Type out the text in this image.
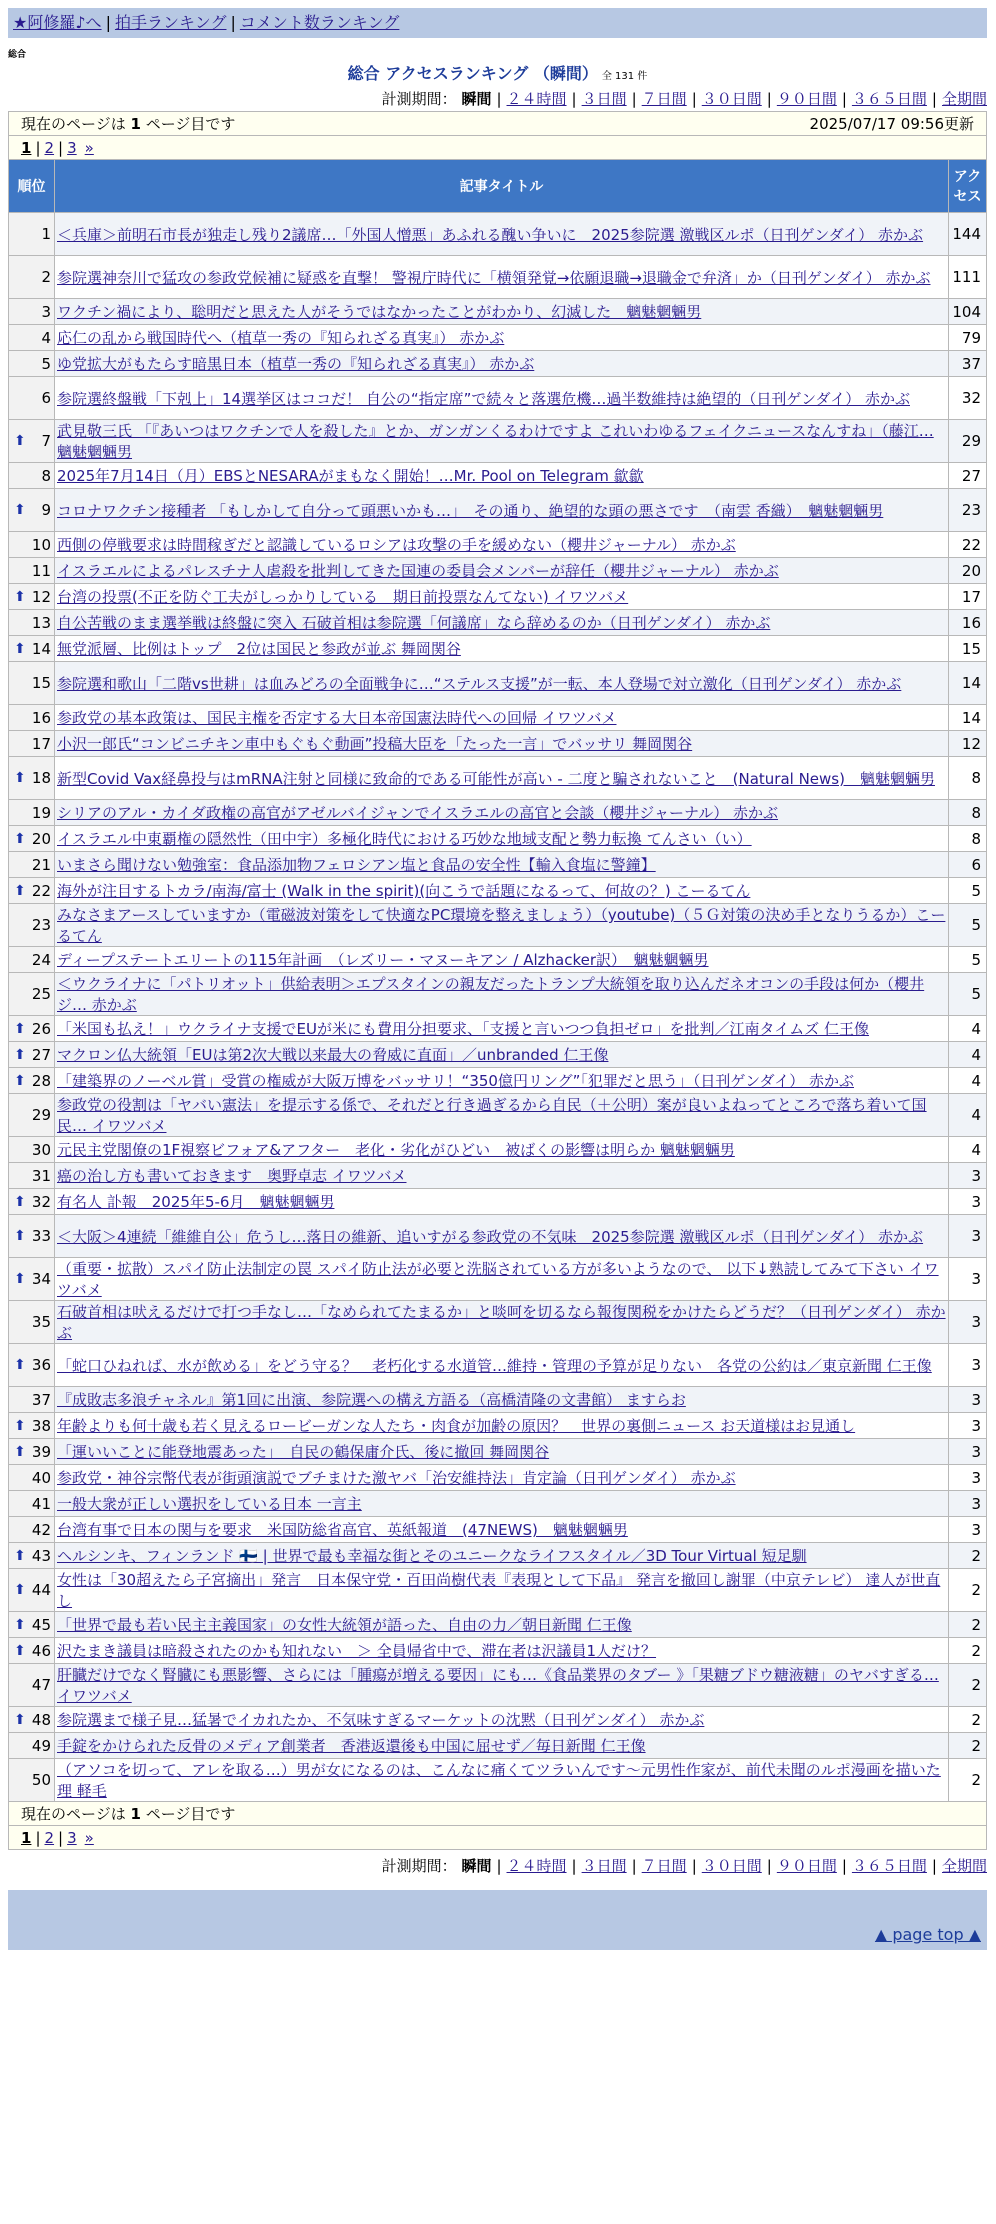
★阿修羅♪へ | 拍手ランキング | コメント数ランキング
総合
総合 アクセスランキング （瞬間） 全 131 件
計測期間： 瞬間 | ２４時間 | ３日間 | ７日間 | ３０日間 | ９０日間 | ３６５日間 | 全期間
現在のページは 1 ページ目です 2025/07/17 09:56更新		

1 | 2 | 3 »		
順位	記事タイトル	アクセス
1	＜兵庫＞前明石市長が独走し残り2議席…「外国人憎悪」あふれる醜い争いに　2025参院選 激戦区ルポ（日刊ゲンダイ） 赤かぶ	144
2	参院選神奈川で猛攻の参政党候補に疑惑を直撃！ 警視庁時代に「横領発覚→依願退職→退職金で弁済」か（日刊ゲンダイ） 赤かぶ	111
3	ワクチン禍により、聡明だと思えた人がそうではなかったことがわかり、幻滅した　魑魅魍魎男	104
4	応仁の乱から戦国時代へ（植草一秀の『知られざる真実』） 赤かぶ	79
5	ゆ党拡大がもたらす暗黒日本（植草一秀の『知られざる真実』） 赤かぶ	37
6	参院選終盤戦「下剋上」14選挙区はココだ！ 自公の“指定席”で続々と落選危機…過半数維持は絶望的（日刊ゲンダイ） 赤かぶ	32

⬆ 7	武見敬三氏 「『あいつはワクチンで人を殺した』とか、ガンガンくるわけですよ これいわゆるフェイクニュースなんすね」（藤江… 魑魅魍魎男	29
8	2025年7月14日（月）EBSとNESARAがまもなく開始！…Mr. Pool on Telegram 歙歙	27

⬆ 9	コロナワクチン接種者 「もしかして自分って頭悪いかも…」　その通り、絶望的な頭の悪さです　（南雲 香織）　魑魅魍魎男	23
10	西側の停戦要求は時間稼ぎだと認識しているロシアは攻撃の手を緩めない（櫻井ジャーナル） 赤かぶ	22
11	イスラエルによるパレスチナ人虐殺を批判してきた国連の委員会メンバーが辞任（櫻井ジャーナル） 赤かぶ	20

⬆ 12	台湾の投票(不正を防ぐ工夫がしっかりしている　期日前投票なんてない) イワツバメ	17
13	自公苦戦のまま選挙戦は終盤に突入 石破首相は参院選「何議席」なら辞めるのか（日刊ゲンダイ） 赤かぶ	16

⬆ 14	無党派層、比例はトップ　2位は国民と参政が並ぶ 舞岡関谷	15
15	参院選和歌山「二階vs世耕」は血みどろの全面戦争に…“ステルス支援”が一転、本人登場で対立激化（日刊ゲンダイ） 赤かぶ	14
16	参政党の基本政策は、国民主権を否定する大日本帝国憲法時代への回帰 イワツバメ	14
17	小沢一郎氏“コンビニチキン車中もぐもぐ動画”投稿大臣を「たった一言」でバッサリ 舞岡関谷	12

⬆ 18	新型Covid Vax経鼻投与はmRNA注射と同様に致命的である可能性が高い - 二度と騙されないこと　(Natural News)　魑魅魍魎男	8
19	シリアのアル・カイダ政権の高官がアゼルバイジャンでイスラエルの高官と会談（櫻井ジャーナル） 赤かぶ	8

⬆ 20	イスラエル中東覇権の隠然性（田中宇）多極化時代における巧妙な地域支配と勢力転換 てんさい（い）	8
21	いまさら聞けない勉強室：食品添加物フェロシアン塩と食品の安全性【輸入食塩に警鐘】	6

⬆ 22	海外が注目するトカラ/南海/富士 (Walk in the spirit)(向こうで話題になるって、何故の？) こーるてん	5
23	みなさまアースしていますか（電磁波対策をして快適なPC環境を整えましょう）（youtube)（５Ｇ対策の決め手となりうるか）こーるてん	5
24	ディープステートエリートの115年計画　（レズリー・マヌーキアン / Alzhacker訳）　魑魅魍魎男	5
25	＜ウクライナに「パトリオット」供給表明＞エプスタインの親友だったトランプ大統領を取り込んだネオコンの手段は何か（櫻井ジ… 赤かぶ	5

⬆ 26	「米国も払え！」ウクライナ支援でEUが米にも費用分担要求、「支援と言いつつ負担ゼロ」を批判／江南タイムズ 仁王像	4

⬆ 27	マクロン仏大統領「EUは第2次大戦以来最大の脅威に直面」／unbranded 仁王像	4

⬆ 28	「建築界のノーベル賞」受賞の権威が大阪万博をバッサリ！“350億円リング”「犯罪だと思う」（日刊ゲンダイ） 赤かぶ	4
29	参政党の役割は「ヤバい憲法」を提示する係で、それだと行き過ぎるから自民（＋公明）案が良いよねってところで落ち着いて国民… イワツバメ	4
30	元民主党閣僚の1F視察ビフォア&アフター　老化・劣化がひどい　被ばくの影響は明らか 魑魅魍魎男	4
31	癌の治し方も書いておきます　奥野卓志 イワツバメ	3

⬆ 32	有名人 訃報　2025年5-6月　魑魅魍魎男	3

⬆ 33	＜大阪＞4連続「維維自公」危うし…落日の維新、追いすがる参政党の不気味　2025参院選 激戦区ルポ（日刊ゲンダイ） 赤かぶ	3

⬆ 34	（重要・拡散）スパイ防止法制定の罠 スパイ防止法が必要と洗脳されている方が多いようなので、 以下↓熟読してみて下さい イワツバメ	3
35	石破首相は吠えるだけで打つ手なし…「なめられてたまるか」と啖呵を切るなら報復関税をかけたらどうだ？（日刊ゲンダイ） 赤かぶ	3

⬆ 36	「蛇口ひねれば、水が飲める」をどう守る？　老朽化する水道管…維持・管理の予算が足りない　各党の公約は／東京新聞 仁王像	3
37	『成敗志多浪チャネル』第1回に出演、参院選への構え方語る（高橋清隆の文書館） ますらお	3

⬆ 38	年齢よりも何十歳も若く見えるロービーガンな人たち・肉食が加齢の原因？　世界の裏側ニュース お天道様はお見通し	3

⬆ 39	「運いいことに能登地震あった」　自民の鶴保庸介氏、後に撤回 舞岡関谷	3
40	参政党・神谷宗幣代表が街頭演説でブチまけた激ヤバ「治安維持法」肯定論（日刊ゲンダイ） 赤かぶ	3
41	一般大衆が正しい選択をしている日本 一言主	3
42	台湾有事で日本の関与を要求　米国防総省高官、英紙報道　(47NEWS)　魑魅魍魎男	3

⬆ 43	ヘルシンキ、フィンランド 🇫🇮 | 世界で最も幸福な街とそのユニークなライフスタイル／3D Tour Virtual 短足馴	2

⬆ 44	女性は「30超えたら子宮摘出」発言　日本保守党・百田尚樹代表『表現として下品』 発言を撤回し謝罪（中京テレビ） 達人が世直し	2

⬆ 45	「世界で最も若い民主主義国家」の女性大統領が語った、自由の力／朝日新聞 仁王像	2

⬆ 46	沢たまき議員は暗殺されたのかも知れない　＞ 全員帰省中で、滞在者は沢議員1人だけ？	2
47	肝臓だけでなく腎臓にも悪影響、さらには「腫瘍が増える要因」にも…《食品業界のタブー 》「果糖ブドウ糖液糖」のヤバすぎる… イワツバメ	2

⬆ 48	参院選まで様子見…猛暑でイカれたか、不気味すぎるマーケットの沈黙（日刊ゲンダイ） 赤かぶ	2
49	手錠をかけられた反骨のメディア創業者　香港返還後も中国に屈せず／毎日新聞 仁王像	2
50	（アソコを切って、アレを取る…）男が女になるのは、こんなに痛くてツラいんです〜元男性作家が、前代未聞のルポ漫画を描いた理 軽毛	2
現在のページは 1 ページ目です		
1 | 2 | 3 »		
計測期間： 瞬間 | ２４時間 | ３日間 | ７日間 | ３０日間 | ９０日間 | ３６５日間 | 全期間
▲ page top ▲
